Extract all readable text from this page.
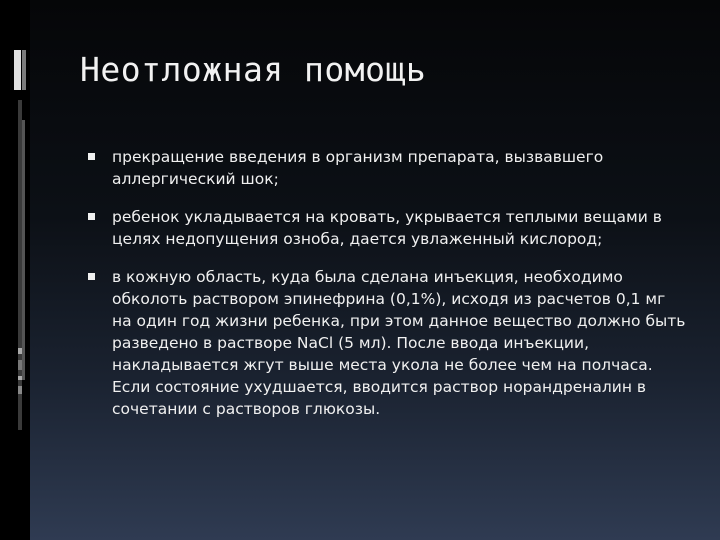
Неотложная помощь
прекращение введения в организм препарата, вызвавшего аллергический шок;
ребенок укладывается на кровать, укрывается теплыми вещами в целях недопущения озноба, дается увлаженный кислород;
в кожную область, куда была сделана инъекция, необходимо обколоть раствором эпинефрина (0,1%), исходя из расчетов 0,1 мг на один год жизни ребенка, при этом данное вещество должно быть разведено в растворе NaCl (5 мл). После ввода инъекции, накладывается жгут выше места укола не более чем на полчаса. Если состояние ухудшается, вводится раствор норандреналин в сочетании с растворов глюкозы.
